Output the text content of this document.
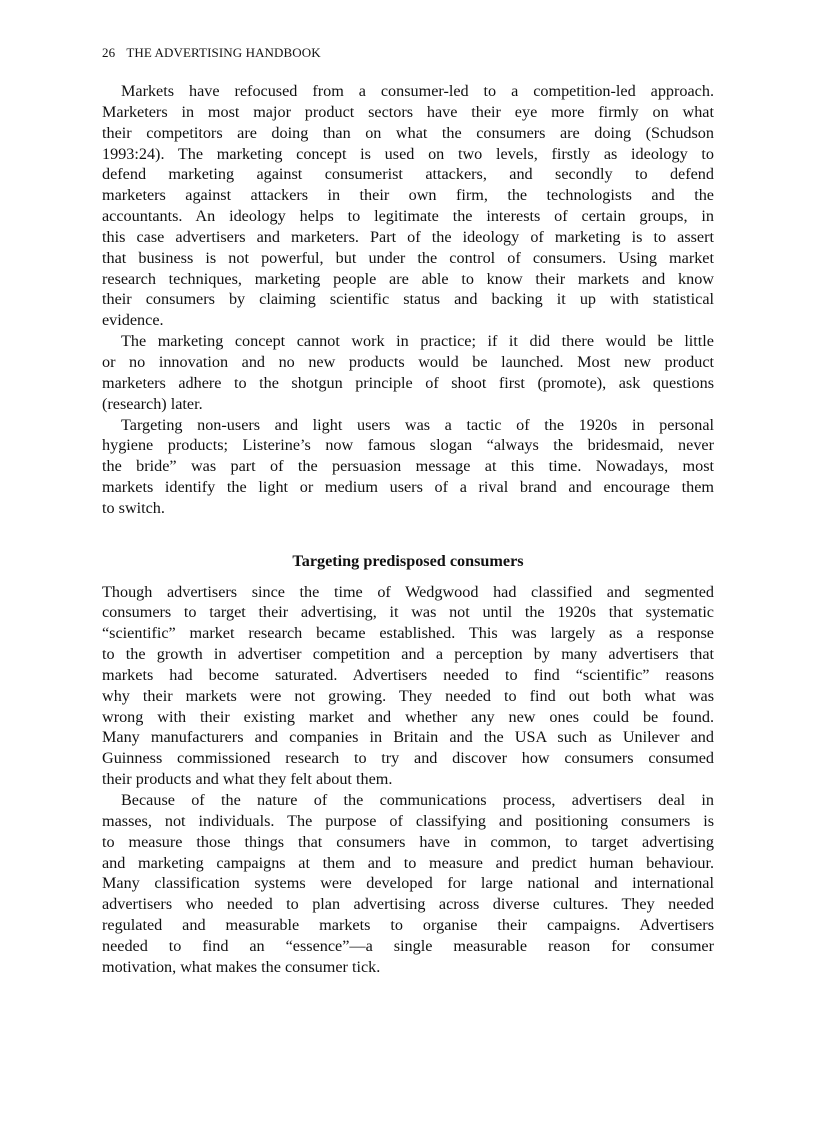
26 THE ADVERTISING HANDBOOK
Markets have refocused from a consumer-led to a competition-led approach.
Marketers in most major product sectors have their eye more firmly on what
their competitors are doing than on what the consumers are doing (Schudson
1993:24). The marketing concept is used on two levels, firstly as ideology to
defend marketing against consumerist attackers, and secondly to defend
marketers against attackers in their own firm, the technologists and the
accountants. An ideology helps to legitimate the interests of certain groups, in
this case advertisers and marketers. Part of the ideology of marketing is to assert
that business is not powerful, but under the control of consumers. Using market
research techniques, marketing people are able to know their markets and know
their consumers by claiming scientific status and backing it up with statistical
evidence.
The marketing concept cannot work in practice; if it did there would be little
or no innovation and no new products would be launched. Most new product
marketers adhere to the shotgun principle of shoot first (promote), ask questions
(research) later.
Targeting non-users and light users was a tactic of the 1920s in personal
hygiene products; Listerine’s now famous slogan “always the bridesmaid, never
the bride” was part of the persuasion message at this time. Nowadays, most
markets identify the light or medium users of a rival brand and encourage them
to switch.
Targeting predisposed consumers
Though advertisers since the time of Wedgwood had classified and segmented
consumers to target their advertising, it was not until the 1920s that systematic
“scientific” market research became established. This was largely as a response
to the growth in advertiser competition and a perception by many advertisers that
markets had become saturated. Advertisers needed to find “scientific” reasons
why their markets were not growing. They needed to find out both what was
wrong with their existing market and whether any new ones could be found.
Many manufacturers and companies in Britain and the USA such as Unilever and
Guinness commissioned research to try and discover how consumers consumed
their products and what they felt about them.
Because of the nature of the communications process, advertisers deal in
masses, not individuals. The purpose of classifying and positioning consumers is
to measure those things that consumers have in common, to target advertising
and marketing campaigns at them and to measure and predict human behaviour.
Many classification systems were developed for large national and international
advertisers who needed to plan advertising across diverse cultures. They needed
regulated and measurable markets to organise their campaigns. Advertisers
needed to find an “essence”—a single measurable reason for consumer
motivation, what makes the consumer tick.
